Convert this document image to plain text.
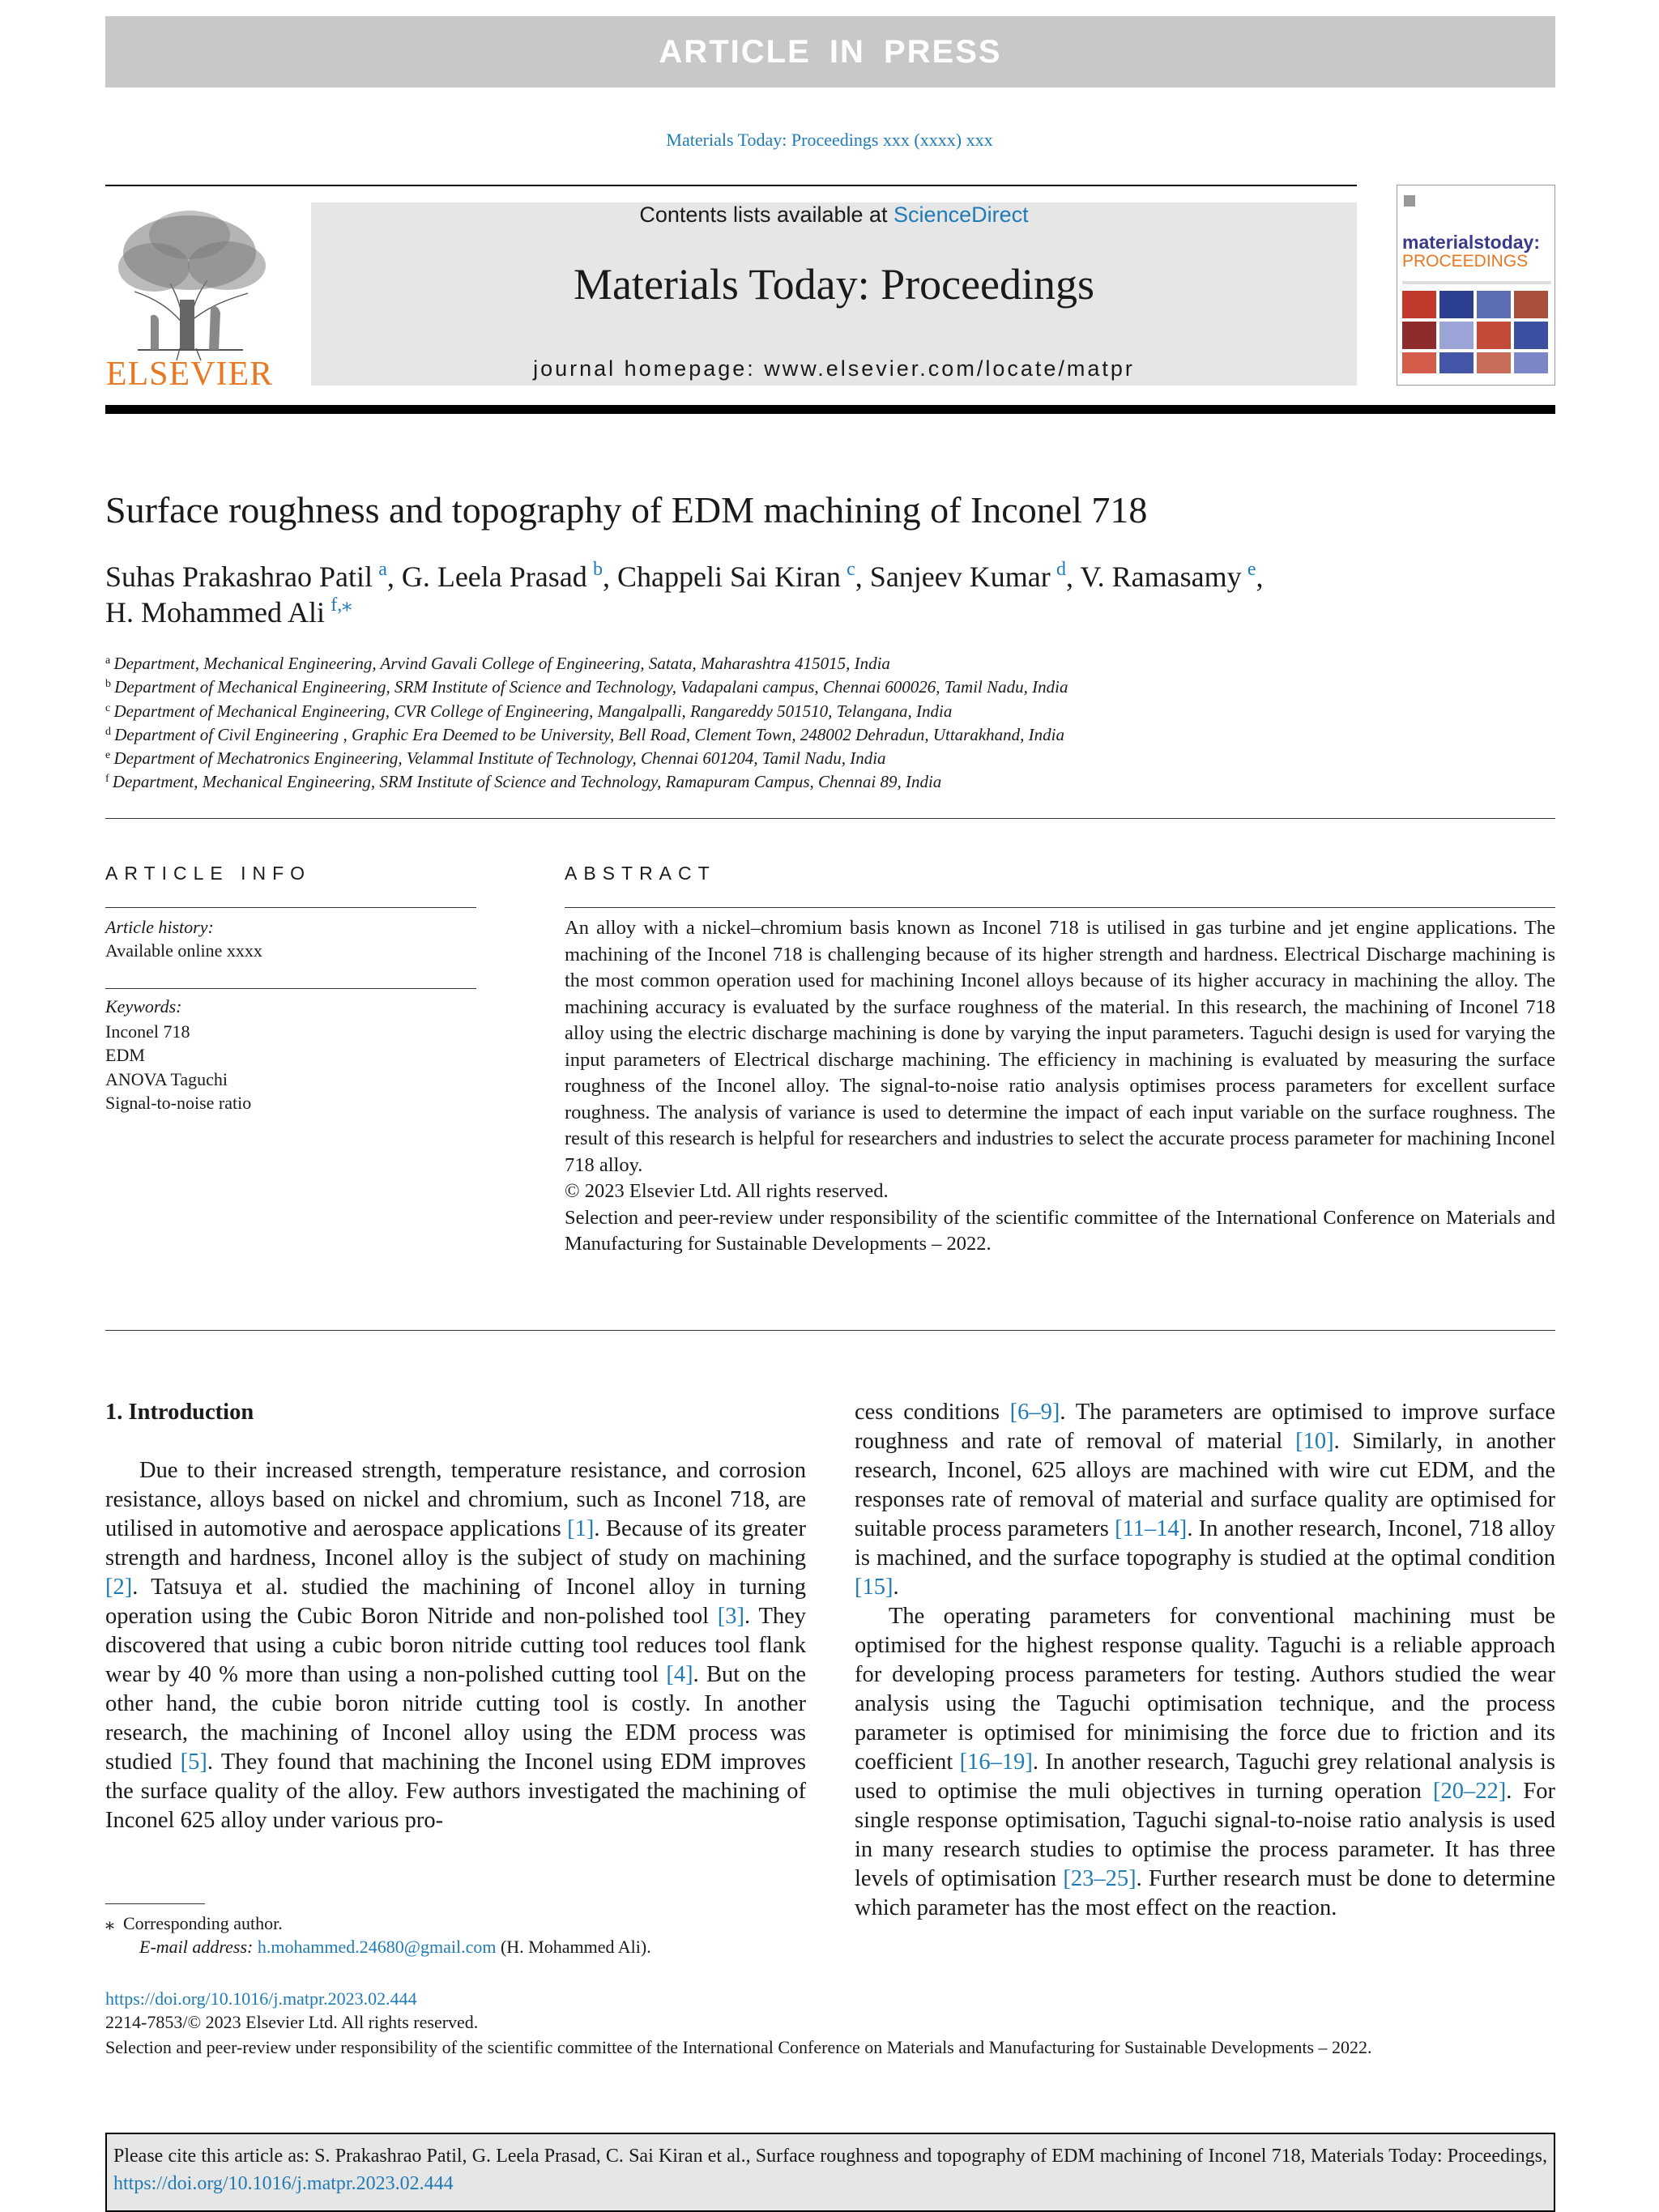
ARTICLE IN PRESS
Materials Today: Proceedings xxx (xxxx) xxx
ELSEVIER
Contents lists available at ScienceDirect
Materials Today: Proceedings
journal homepage: www.elsevier.com/locate/matpr
materialstoday:
PROCEEDINGS
Surface roughness and topography of EDM machining of Inconel 718
Suhas Prakashrao Patil  $^a$, G. Leela Prasad  $^b$, Chappeli Sai Kiran  $^c$, Sanjeev Kumar  $^d$, V. Ramasamy  $^e$,
H. Mohammed Ali  $^{f,⁎}$
$^a$  Department, Mechanical Engineering, Arvind Gavali College of Engineering, Satata, Maharashtra 415015, India
$^b$  Department of Mechanical Engineering, SRM Institute of Science and Technology, Vadapalani campus, Chennai 600026, Tamil Nadu, India
$^c$  Department of Mechanical Engineering, CVR College of Engineering, Mangalpalli, Rangareddy 501510, Telangana, India
$^d$  Department of Civil Engineering , Graphic Era Deemed to be University, Bell Road, Clement Town, 248002 Dehradun, Uttarakhand, India
$^e$  Department of Mechatronics Engineering, Velammal Institute of Technology, Chennai 601204, Tamil Nadu, India
$^f$  Department, Mechanical Engineering, SRM Institute of Science and Technology, Ramapuram Campus, Chennai 89, India
ARTICLE INFO
Article history:
Available online xxxx
Keywords:
Inconel 718
EDM
ANOVA Taguchi
Signal-to-noise ratio
ABSTRACT

An alloy with a nickel–chromium basis known as Inconel 718 is utilised in gas turbine and jet engine applications. The machining of the Inconel 718 is challenging because of its higher strength and hardness. Electrical Discharge machining is the most common operation used for machining Inconel alloys because of its higher accuracy in machining the alloy. The machining accuracy is evaluated by the surface roughness of the material. In this research, the machining of Inconel 718 alloy using the electric discharge machining is done by varying the input parameters. Taguchi design is used for varying the input parameters of Electrical discharge machining. The efficiency in machining is evaluated by measuring the surface roughness of the Inconel alloy. The signal-to-noise ratio analysis optimises process parameters for excellent surface roughness. The analysis of variance is used to determine the impact of each input variable on the surface roughness. The result of this research is helpful for researchers and industries to select the accurate process parameter for machining Inconel 718 alloy.

© 2023 Elsevier Ltd. All rights reserved.

Selection and peer-review under responsibility of the scientific committee of the International Conference on Materials and Manufacturing for Sustainable Developments – 2022.

1. Introduction

Due to their increased strength, temperature resistance, and corrosion resistance, alloys based on nickel and chromium, such as Inconel 718, are utilised in automotive and aerospace applications [1]. Because of its greater strength and hardness, Inconel alloy is the subject of study on machining [2]. Tatsuya et al. studied the machining of Inconel alloy in turning operation using the Cubic Boron Nitride and non-polished tool [3]. They discovered that using a cubic boron nitride cutting tool reduces tool flank wear by 40 % more than using a non-polished cutting tool [4]. But on the other hand, the cubie boron nitride cutting tool is costly. In another research, the machining of Inconel alloy using the EDM process was studied [5]. They found that machining the Inconel using EDM improves the surface quality of the alloy. Few authors investigated the machining of Inconel 625 alloy under various pro-

cess conditions [6–9]. The parameters are optimised to improve surface roughness and rate of removal of material [10]. Similarly, in another research, Inconel, 625 alloys are machined with wire cut EDM, and the responses rate of removal of material and surface quality are optimised for suitable process parameters [11–14]. In another research, Inconel, 718 alloy is machined, and the surface topography is studied at the optimal condition [15].

The operating parameters for conventional machining must be optimised for the highest response quality. Taguchi is a reliable approach for developing process parameters for testing. Authors studied the wear analysis using the Taguchi optimisation technique, and the process parameter is optimised for minimising the force due to friction and its coefficient [16–19]. In another research, Taguchi grey relational analysis is used to optimise the muli objectives in turning operation [20–22]. For single response optimisation, Taguchi signal-to-noise ratio analysis is used in many research studies to optimise the process parameter. It has three levels of optimisation [23–25]. Further research must be done to determine which parameter has the most effect on the reaction.

⁎ Corresponding author.
E-mail address: h.mohammed.24680@gmail.com (H. Mohammed Ali).
https://doi.org/10.1016/j.matpr.2023.02.444
2214-7853/© 2023 Elsevier Ltd. All rights reserved.
Selection and peer-review under responsibility of the scientific committee of the International Conference on Materials and Manufacturing for Sustainable Developments – 2022.
Please cite this article as: S. Prakashrao Patil, G. Leela Prasad, C. Sai Kiran et al., Surface roughness and topography of EDM machining of Inconel 718, Materials Today: Proceedings, https://doi.org/10.1016/j.matpr.2023.02.444
